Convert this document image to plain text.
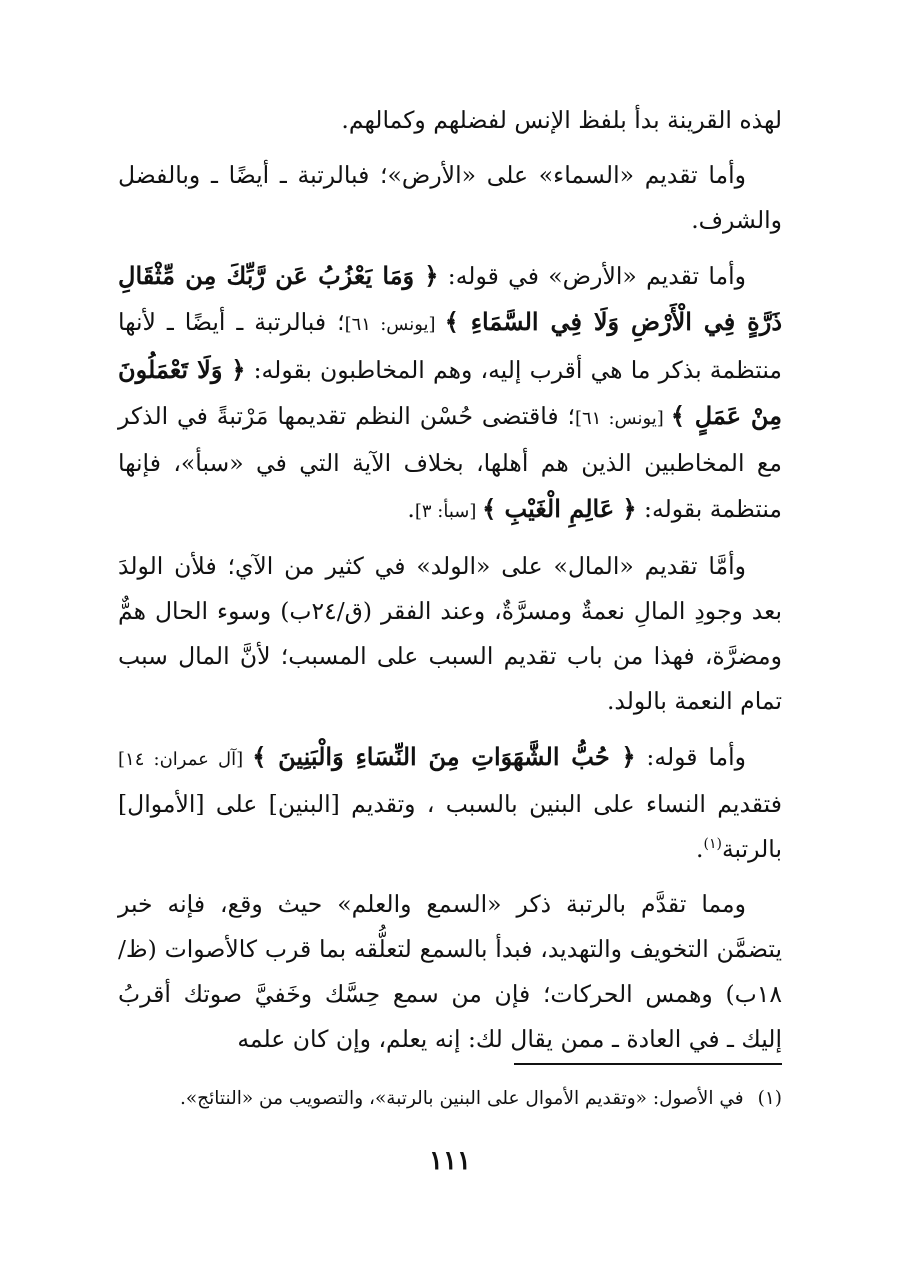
لهذه القرينة بدأ بلفظ الإنس لفضلهم وكمالهم.

وأما تقديم «السماء» على «الأرض»؛ فبالرتبة ـ أيضًا ـ وبالفضل والشرف.

وأما تقديم «الأرض» في قوله: ﴿ وَمَا يَعْزُبُ عَن رَّبِّكَ مِن مِّثْقَالِ ذَرَّةٍ فِي الْأَرْضِ وَلَا فِي السَّمَاءِ ﴾ [يونس: ٦١]؛ فبالرتبة ـ أيضًا ـ لأنها منتظمة بذكر ما هي أقرب إليه، وهم المخاطبون بقوله: ﴿ وَلَا تَعْمَلُونَ مِنْ عَمَلٍ ﴾ [يونس: ٦١]؛ فاقتضى حُسْن النظم تقديمها مَرْتبةً في الذكر مع المخاطبين الذين هم أهلها، بخلاف الآية التي في «سبأ»، فإنها منتظمة بقوله: ﴿ عَالِمِ الْغَيْبِ ﴾ [سبأ: ٣].

وأمَّا تقديم «المال» على «الولد» في كثير من الآي؛ فلأن الولدَ بعد وجودِ المالِ نعمةٌ ومسرَّةٌ، وعند الفقر (ق/٢٤ب) وسوء الحال همٌّ ومضرَّة، فهذا من باب تقديم السبب على المسبب؛ لأنَّ المال سبب تمام النعمة بالولد.

وأما قوله: ﴿ حُبُّ الشَّهَوَاتِ مِنَ النِّسَاءِ وَالْبَنِينَ ﴾ [آل عمران: ١٤] فتقديم النساء على البنين بالسبب ، وتقديم [البنين] على [الأموال] بالرتبة$^{(١)}$.

ومما تقدَّم بالرتبة ذكر «السمع والعلم» حيث وقع، فإنه خبر يتضمَّن التخويف والتهديد، فبدأ بالسمع لتعلُّقه بما قرب كالأصوات (ظ/١٨ب) وهمس الحركات؛ فإن من سمع حِسَّك وخَفيَّ صوتك أقربُ إليك ـ في العادة ـ ممن يقال لك: إنه يعلم، وإن كان علمه

(١)في الأصول: «وتقديم الأموال على البنين بالرتبة»، والتصويب من «النتائج».

١١١
